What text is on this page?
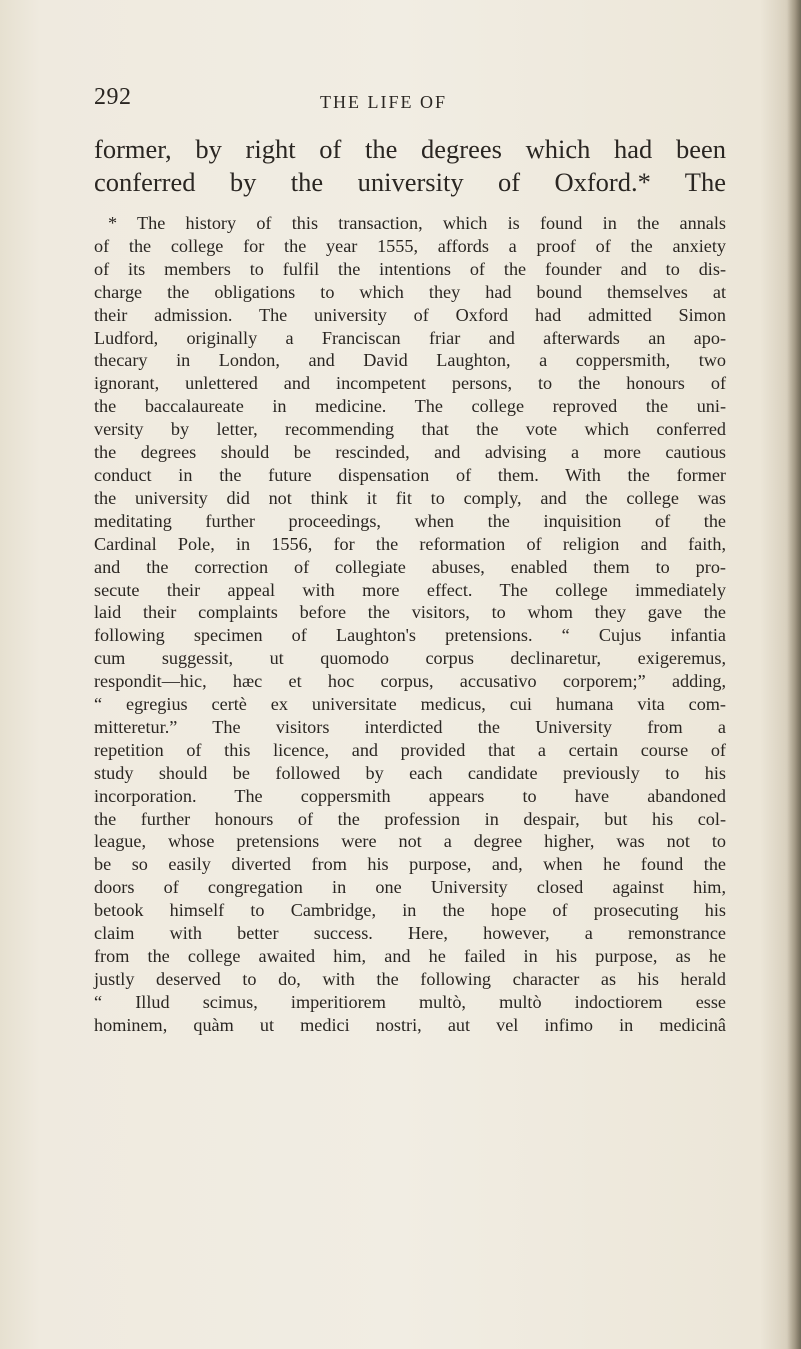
292	THE LIFE OF
former, by right of the degrees which had been
conferred by the university of Oxford.* The
* The history of this transaction, which is found in the annals
of the college for the year 1555, affords a proof of the anxiety
of its members to fulfil the intentions of the founder and to dis-
charge the obligations to which they had bound themselves at
their admission. The university of Oxford had admitted Simon
Ludford, originally a Franciscan friar and afterwards an apo-
thecary in London, and David Laughton, a coppersmith, two
ignorant, unlettered and incompetent persons, to the honours of
the baccalaureate in medicine. The college reproved the uni-
versity by letter, recommending that the vote which conferred
the degrees should be rescinded, and advising a more cautious
conduct in the future dispensation of them. With the former
the university did not think it fit to comply, and the college was
meditating further proceedings, when the inquisition of the
Cardinal Pole, in 1556, for the reformation of religion and faith,
and the correction of collegiate abuses, enabled them to pro-
secute their appeal with more effect. The college immediately
laid their complaints before the visitors, to whom they gave the
following specimen of Laughton's pretensions. “ Cujus infantia
cum suggessit, ut quomodo corpus declinaretur, exigeremus,
respondit—hic, hæc et hoc corpus, accusativo corporem;” adding,
“ egregius certè ex universitate medicus, cui humana vita com-
mitteretur.” The visitors interdicted the University from a
repetition of this licence, and provided that a certain course of
study should be followed by each candidate previously to his
incorporation. The coppersmith appears to have abandoned
the further honours of the profession in despair, but his col-
league, whose pretensions were not a degree higher, was not to
be so easily diverted from his purpose, and, when he found the
doors of congregation in one University closed against him,
betook himself to Cambridge, in the hope of prosecuting his
claim with better success. Here, however, a remonstrance
from the college awaited him, and he failed in his purpose, as he
justly deserved to do, with the following character as his herald
“ Illud scimus, imperitiorem multò, multò indoctiorem esse
hominem, quàm ut medici nostri, aut vel infimo in medicinâ
